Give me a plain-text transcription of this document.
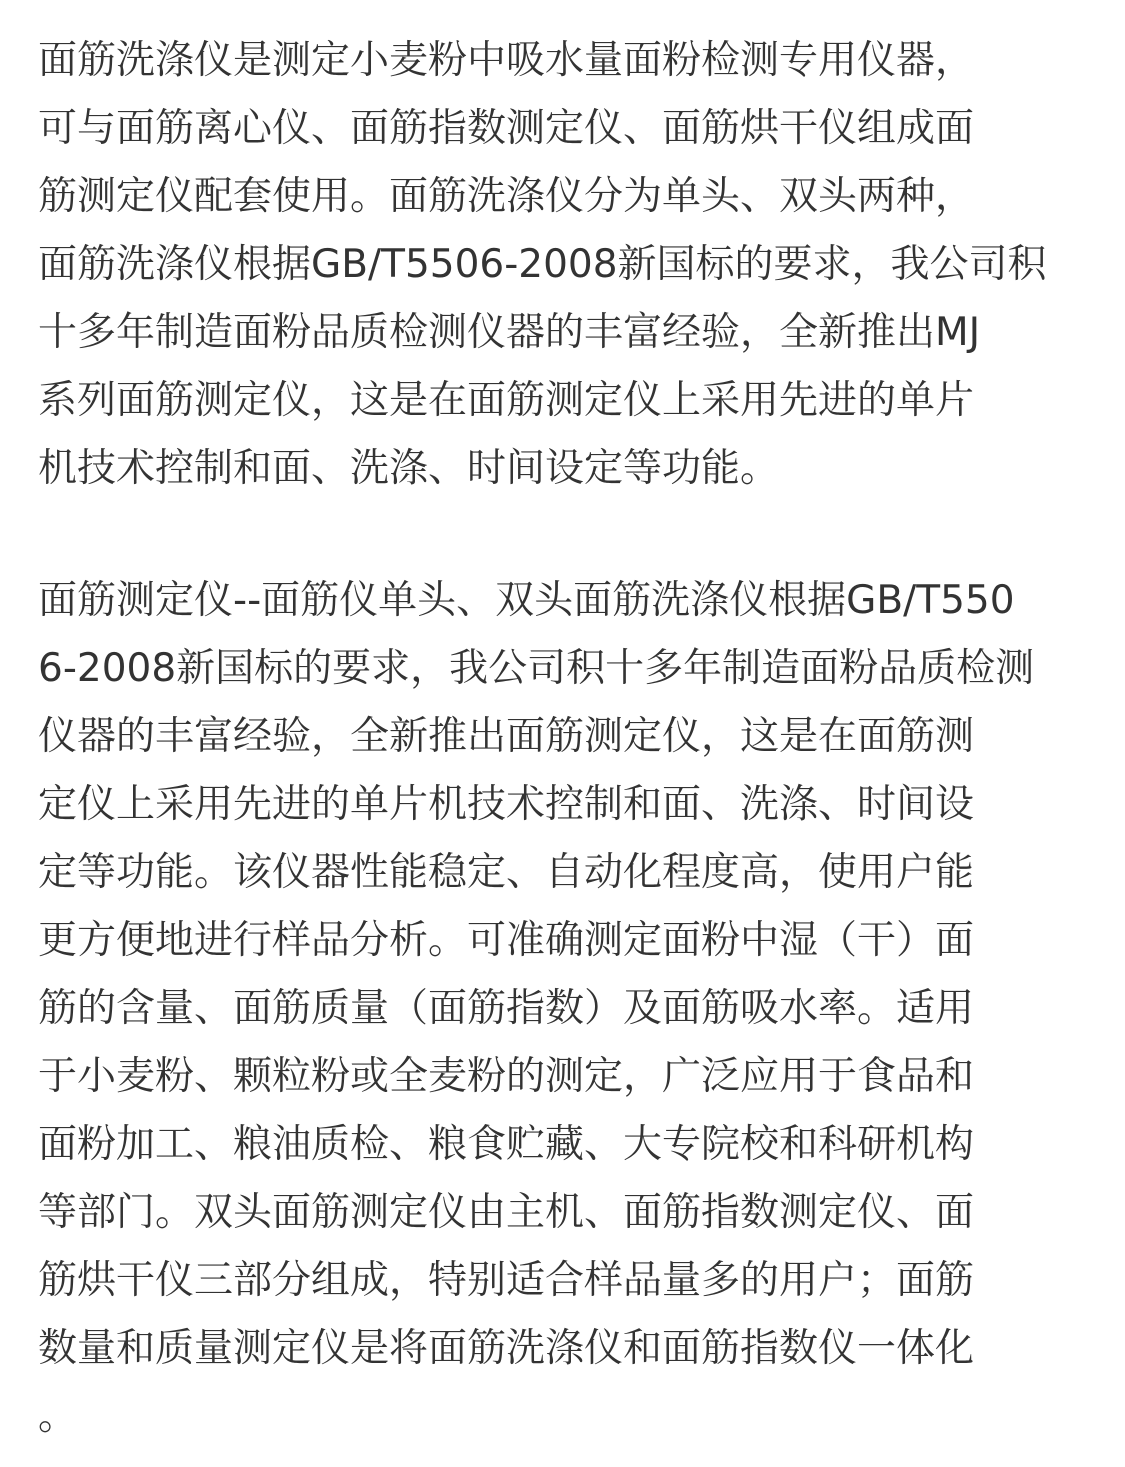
面筋洗涤仪是测定小麦粉中吸水量面粉检测专用仪器，
可与面筋离心仪、面筋指数测定仪、面筋烘干仪组成面
筋测定仪配套使用。面筋洗涤仪分为单头、双头两种，
面筋洗涤仪根据GB/T5506-2008新国标的要求，我公司积
十多年制造面粉品质检测仪器的丰富经验，全新推出MJ
系列面筋测定仪，这是在面筋测定仪上采用先进的单片
机技术控制和面、洗涤、时间设定等功能。
面筋测定仪--面筋仪单头、双头面筋洗涤仪根据GB/T550
6-2008新国标的要求，我公司积十多年制造面粉品质检测
仪器的丰富经验，全新推出面筋测定仪，这是在面筋测
定仪上采用先进的单片机技术控制和面、洗涤、时间设
定等功能。该仪器性能稳定、自动化程度高，使用户能
更方便地进行样品分析。可准确测定面粉中湿（干）面
筋的含量、面筋质量（面筋指数）及面筋吸水率。适用
于小麦粉、颗粒粉或全麦粉的测定，广泛应用于食品和
面粉加工、粮油质检、粮食贮藏、大专院校和科研机构
等部门。双头面筋测定仪由主机、面筋指数测定仪、面
筋烘干仪三部分组成，特别适合样品量多的用户；面筋
数量和质量测定仪是将面筋洗涤仪和面筋指数仪一体化
。
